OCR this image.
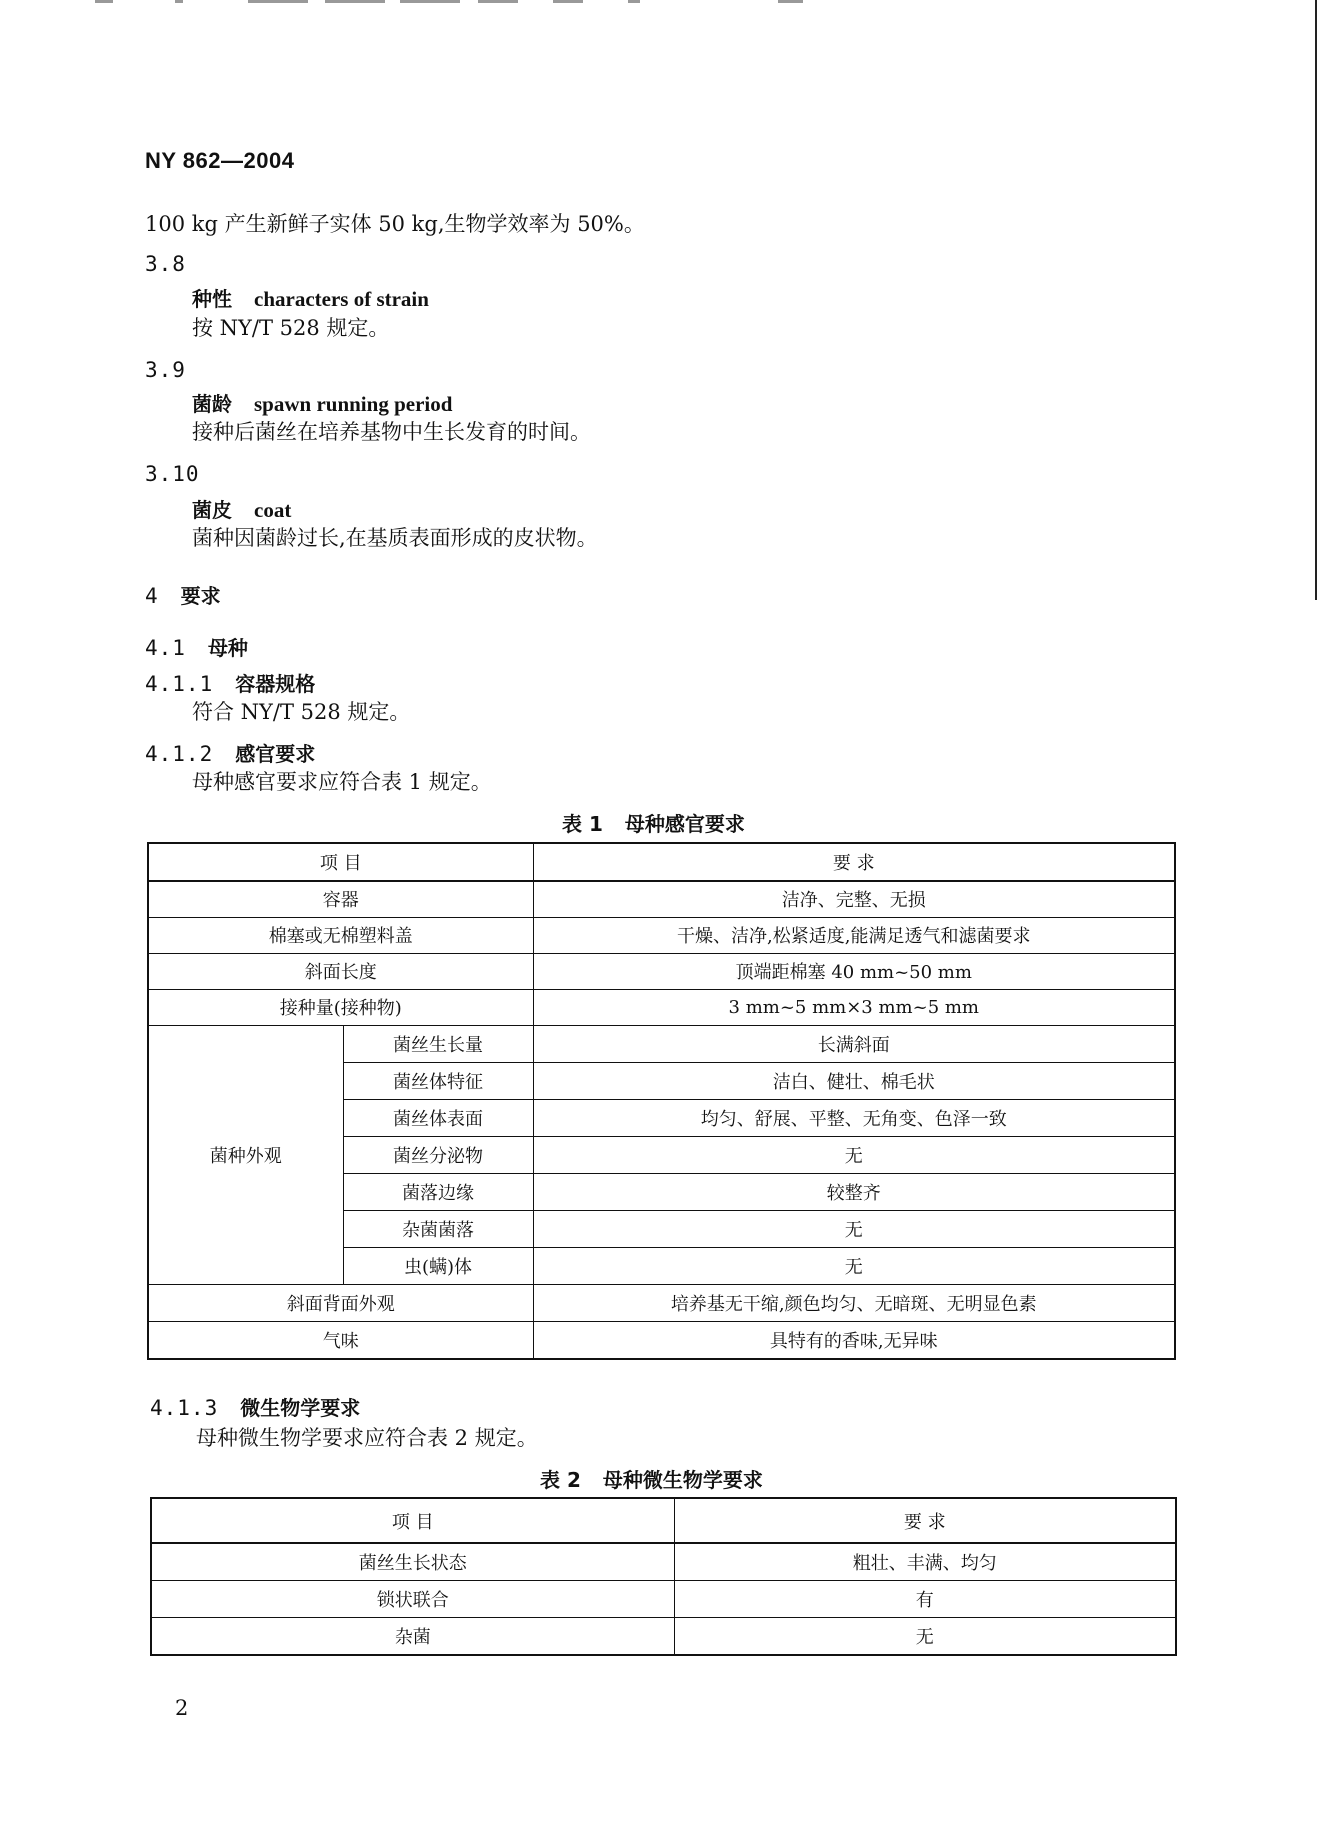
NY 862—2004
100 kg 产生新鲜子实体 50 kg,生物学效率为 50%。
3.8
种性 characters of strain
按 NY/T 528 规定。
3.9
菌龄 spawn running period
接种后菌丝在培养基物中生长发育的时间。
3.10
菌皮 coat
菌种因菌龄过长,在基质表面形成的皮状物。
4 要求
4.1 母种
4.1.1 容器规格
符合 NY/T 528 规定。
4.1.2 感官要求
母种感官要求应符合表 1 规定。
表 1 母种感官要求
项 目		要 求
容器		洁净、完整、无损
棉塞或无棉塑料盖		干燥、洁净,松紧适度,能满足透气和滤菌要求
斜面长度		顶端距棉塞 40 mm~50 mm
接种量(接种物)		3 mm~5 mm×3 mm~5 mm
菌种外观	菌丝生长量	长满斜面
	菌丝体特征	洁白、健壮、棉毛状
	菌丝体表面	均匀、舒展、平整、无角变、色泽一致
	菌丝分泌物	无
	菌落边缘	较整齐
	杂菌菌落	无
	虫(螨)体	无
斜面背面外观		培养基无干缩,颜色均匀、无暗斑、无明显色素
气味		具特有的香味,无异味
4.1.3 微生物学要求
母种微生物学要求应符合表 2 规定。
表 2 母种微生物学要求
项 目	要 求
菌丝生长状态	粗壮、丰满、均匀
锁状联合	有
杂菌	无
2
